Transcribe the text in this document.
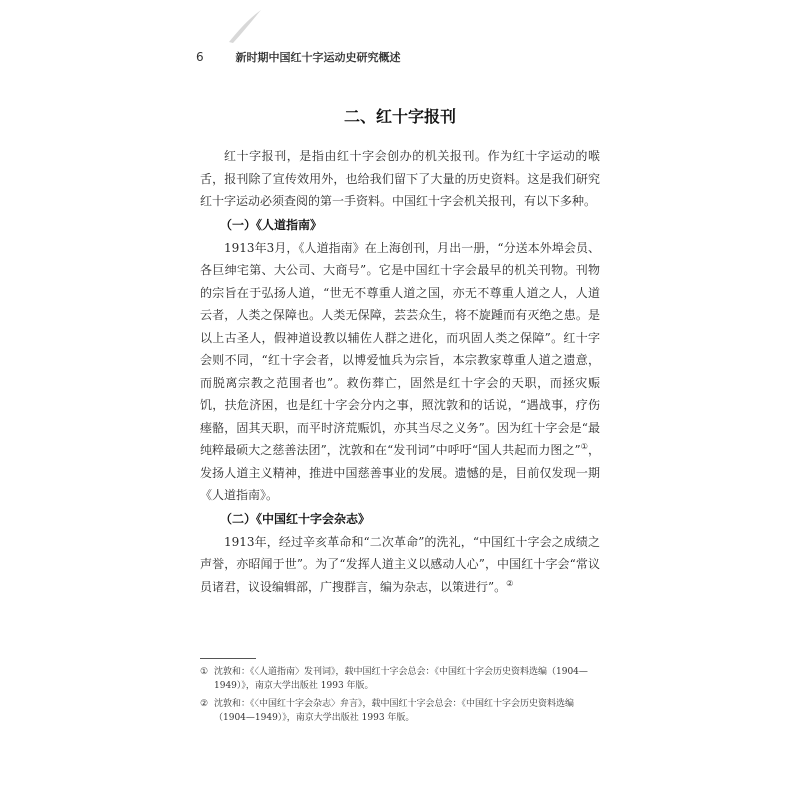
6	新时期中国红十字运动史研究概述
二、红十字报刊

红十字报刊，是指由红十字会创办的机关报刊。作为红十字运动的喉舌，报刊除了宣传效用外，也给我们留下了大量的历史资料。这是我们研究红十字运动必须查阅的第一手资料。中国红十字会机关报刊，有以下多种。

（一）《人道指南》

1913年3月，《人道指南》在上海创刊，月出一册，“分送本外埠会员、各巨绅宅第、大公司、大商号”。它是中国红十字会最早的机关刊物。刊物的宗旨在于弘扬人道，“世无不尊重人道之国，亦无不尊重人道之人，人道云者，人类之保障也。人类无保障，芸芸众生，将不旋踵而有灭绝之患。是以上古圣人，假神道设教以辅佐人群之进化，而巩固人类之保障”。红十字会则不同，“红十字会者，以博爱恤兵为宗旨，本宗教家尊重人道之遗意，而脱离宗教之范围者也”。救伤葬亡，固然是红十字会的天职，而拯灾赈饥，扶危济困，也是红十字会分内之事，照沈敦和的话说，“遇战事，疗伤瘗骼，固其天职，而平时济荒赈饥，亦其当尽之义务”。因为红十字会是“最纯粹最硕大之慈善法团”，沈敦和在“发刊词”中呼吁“国人共起而力图之”①，发扬人道主义精神，推进中国慈善事业的发展。遗憾的是，目前仅发现一期《人道指南》。

（二）《中国红十字会杂志》

1913年，经过辛亥革命和“二次革命”的洗礼，“中国红十字会之成绩之声誉，亦昭闻于世”。为了“发挥人道主义以感动人心”，中国红十字会“常议员诸君，议设编辑部，广搜群言，编为杂志，以策进行”。②

① 沈敦和：《〈人道指南〉发刊词》，载中国红十字会总会：《中国红十字会历史资料选编（1904—1949）》，南京大学出版社 1993 年版。
② 沈敦和：《〈中国红十字会杂志〉弁言》，载中国红十字会总会：《中国红十字会历史资料选编（1904—1949）》，南京大学出版社 1993 年版。
